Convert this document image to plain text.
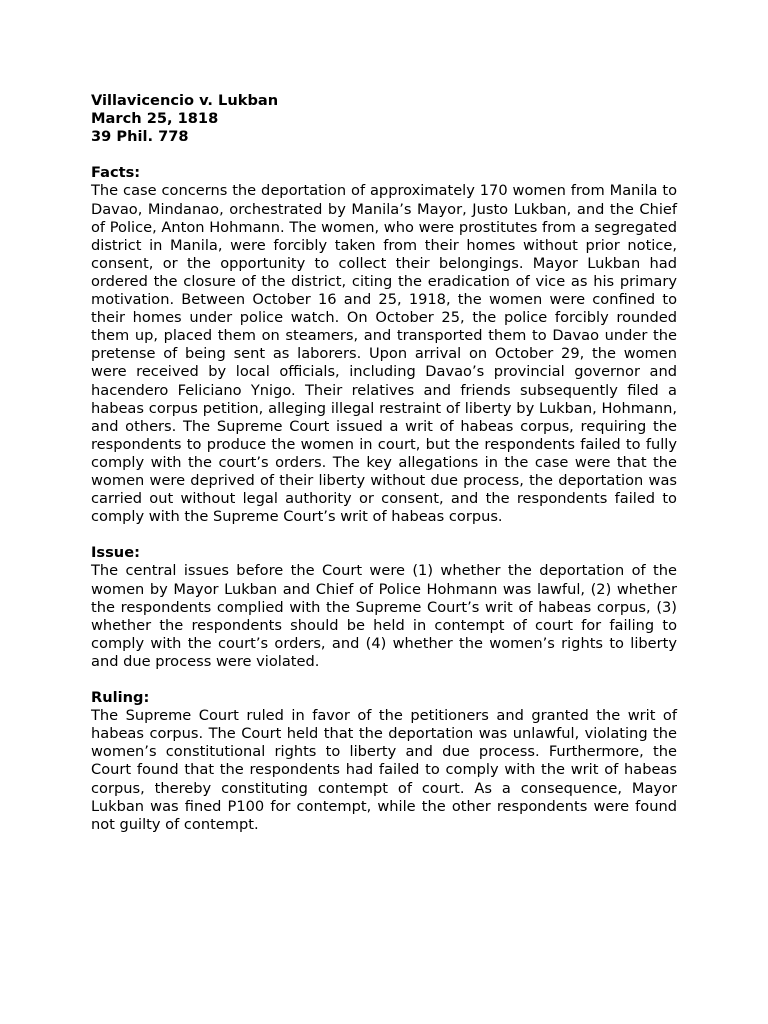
Villavicencio v. Lukban
March 25, 1818
39 Phil. 778
Facts:
The case concerns the deportation of approximately 170 women from Manila to Davao, Mindanao, orchestrated by Manila’s Mayor, Justo Lukban, and the Chief of Police, Anton Hohmann. The women, who were prostitutes from a segregated district in Manila, were forcibly taken from their homes without prior notice, consent, or the opportunity to collect their belongings. Mayor Lukban had ordered the closure of the district, citing the eradication of vice as his primary motivation. Between October 16 and 25, 1918, the women were confined to their homes under police watch. On October 25, the police forcibly rounded them up, placed them on steamers, and transported them to Davao under the pretense of being sent as laborers. Upon arrival on October 29, the women were received by local officials, including Davao’s provincial governor and hacendero Feliciano Ynigo. Their relatives and friends subsequently filed a habeas corpus petition, alleging illegal restraint of liberty by Lukban, Hohmann, and others. The Supreme Court issued a writ of habeas corpus, requiring the respondents to produce the women in court, but the respondents failed to fully comply with the court’s orders. The key allegations in the case were that the women were deprived of their liberty without due process, the deportation was carried out without legal authority or consent, and the respondents failed to comply with the Supreme Court’s writ of habeas corpus.
Issue:
The central issues before the Court were (1) whether the deportation of the women by Mayor Lukban and Chief of Police Hohmann was lawful, (2) whether the respondents complied with the Supreme Court’s writ of habeas corpus, (3) whether the respondents should be held in contempt of court for failing to comply with the court’s orders, and (4) whether the women’s rights to liberty and due process were violated.
Ruling:
The Supreme Court ruled in favor of the petitioners and granted the writ of habeas corpus. The Court held that the deportation was unlawful, violating the women’s constitutional rights to liberty and due process. Furthermore, the Court found that the respondents had failed to comply with the writ of habeas corpus, thereby constituting contempt of court. As a consequence, Mayor Lukban was fined P100 for contempt, while the other respondents were found not guilty of contempt.
